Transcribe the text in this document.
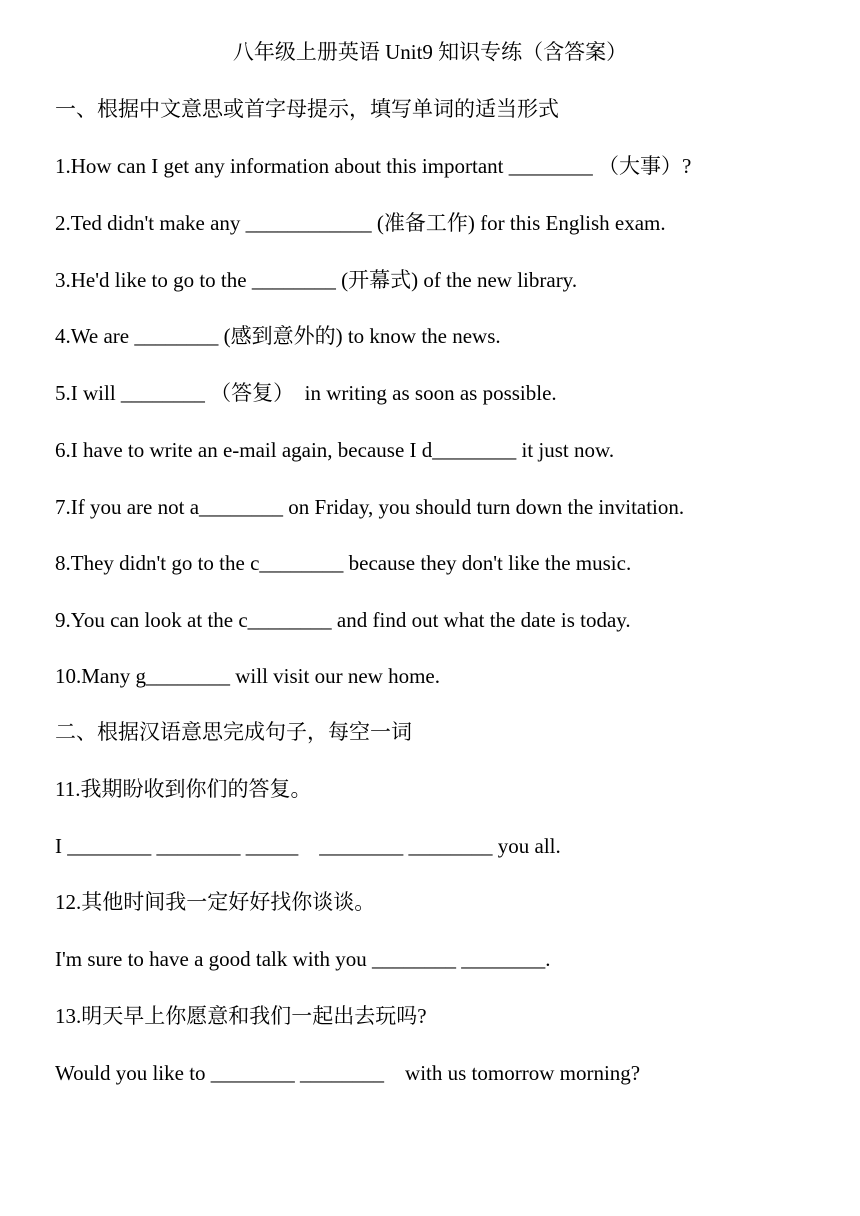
八年级上册英语 Unit9 知识专练（含答案）
一、根据中文意思或首字母提示，填写单词的适当形式
1.How can I get any information about this important ________ （大事）?
2.Ted didn't make any ____________ (准备工作) for this English exam.
3.He'd like to go to the ________ (开幕式) of the new library.
4.We are ________ (感到意外的) to know the news.
5.I will ________ （答复）  in writing as soon as possible.
6.I have to write an e-mail again, because I d________ it just now.
7.If you are not a________ on Friday, you should turn down the invitation.
8.They didn't go to the c________ because they don't like the music.
9.You can look at the c________ and find out what the date is today.
10.Many g________ will visit our new home.
二、根据汉语意思完成句子，每空一词
11.我期盼收到你们的答复。
I ________ ________ _____    ________ ________ you all.
12.其他时间我一定好好找你谈谈。
I'm sure to have a good talk with you ________ ________.
13.明天早上你愿意和我们一起出去玩吗?
Would you like to ________ ________    with us tomorrow morning?
